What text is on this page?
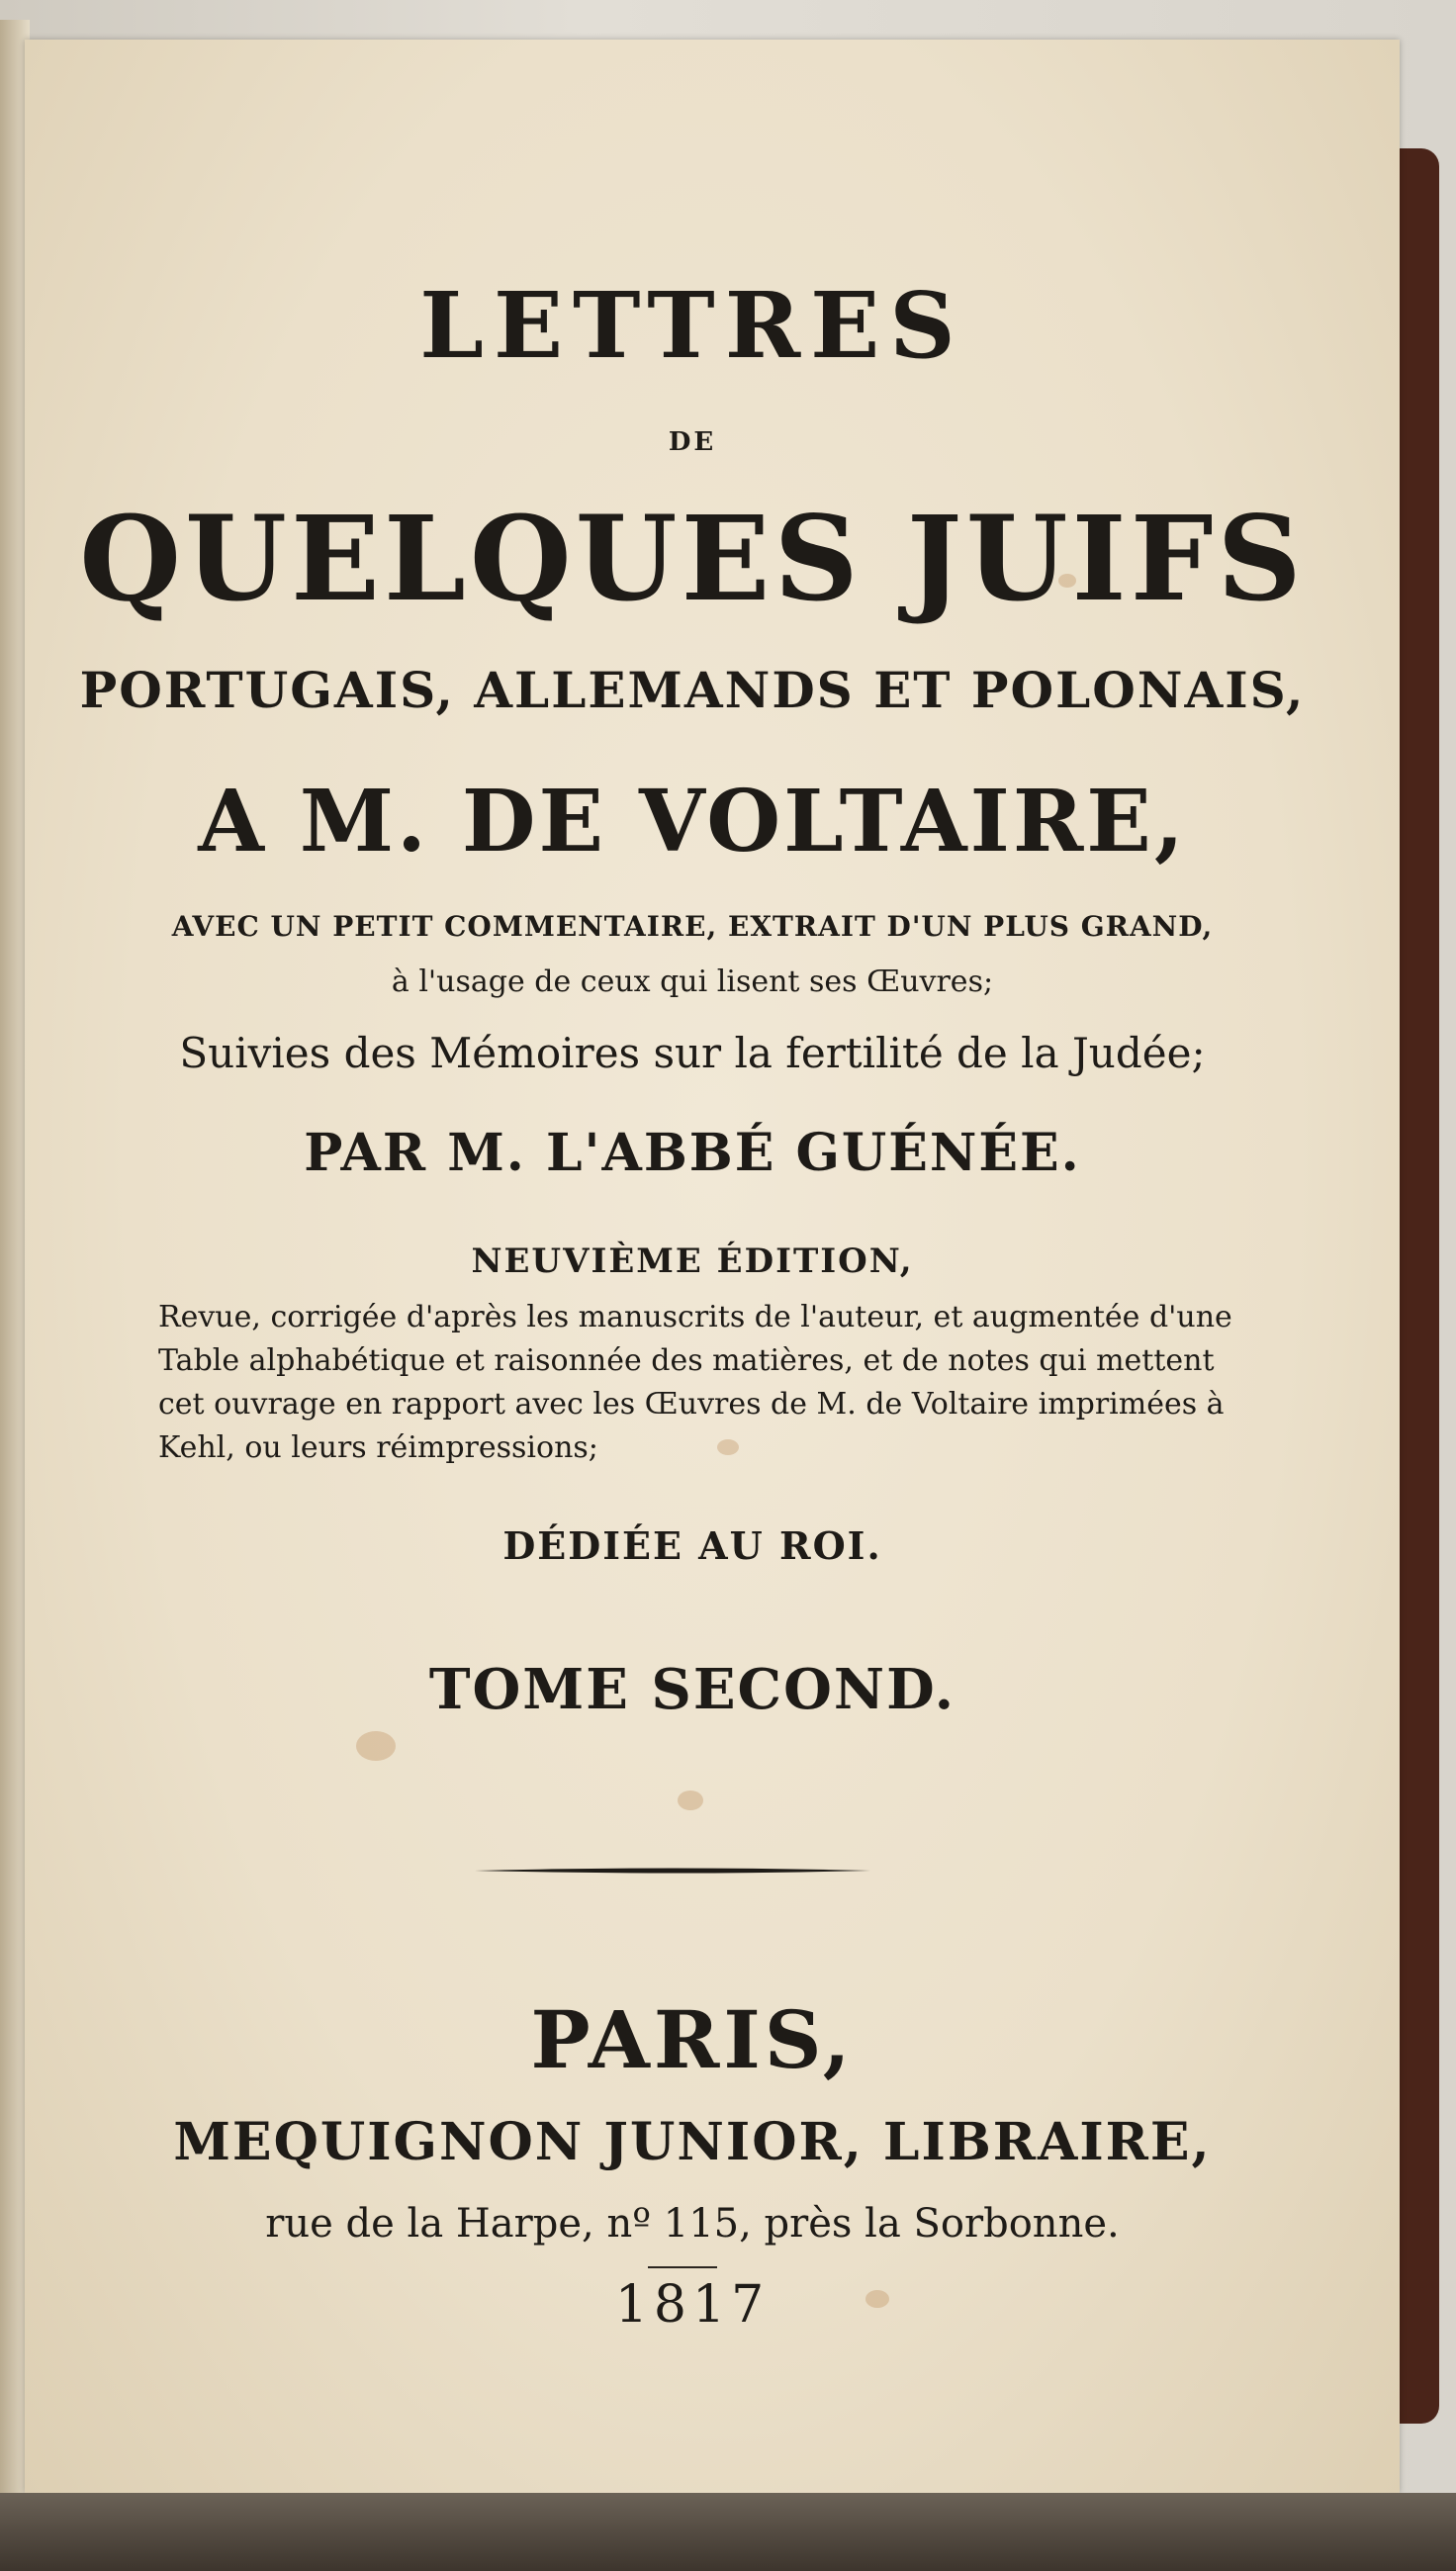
LETTRES

DE

QUELQUES JUIFS

PORTUGAIS, ALLEMANDS ET POLONAIS,

A M. DE VOLTAIRE,

AVEC UN PETIT COMMENTAIRE, EXTRAIT D'UN PLUS GRAND,

à l'usage de ceux qui lisent ses Œuvres;

Suivies des Mémoires sur la fertilité de la Judée;

PAR M. L'ABBÉ GUÉNÉE.

NEUVIÈME ÉDITION,

Revue, corrigée d'après les manuscrits de l'auteur, et augmentée d'une
Table alphabétique et raisonnée des matières, et de notes qui mettent
cet ouvrage en rapport avec les Œuvres de M. de Voltaire imprimées à
Kehl, ou leurs réimpressions;

DÉDIÉE AU ROI.

TOME SECOND.

PARIS,

MEQUIGNON JUNIOR, LIBRAIRE,

rue de la Harpe, nº 115, près la Sorbonne.

1817
